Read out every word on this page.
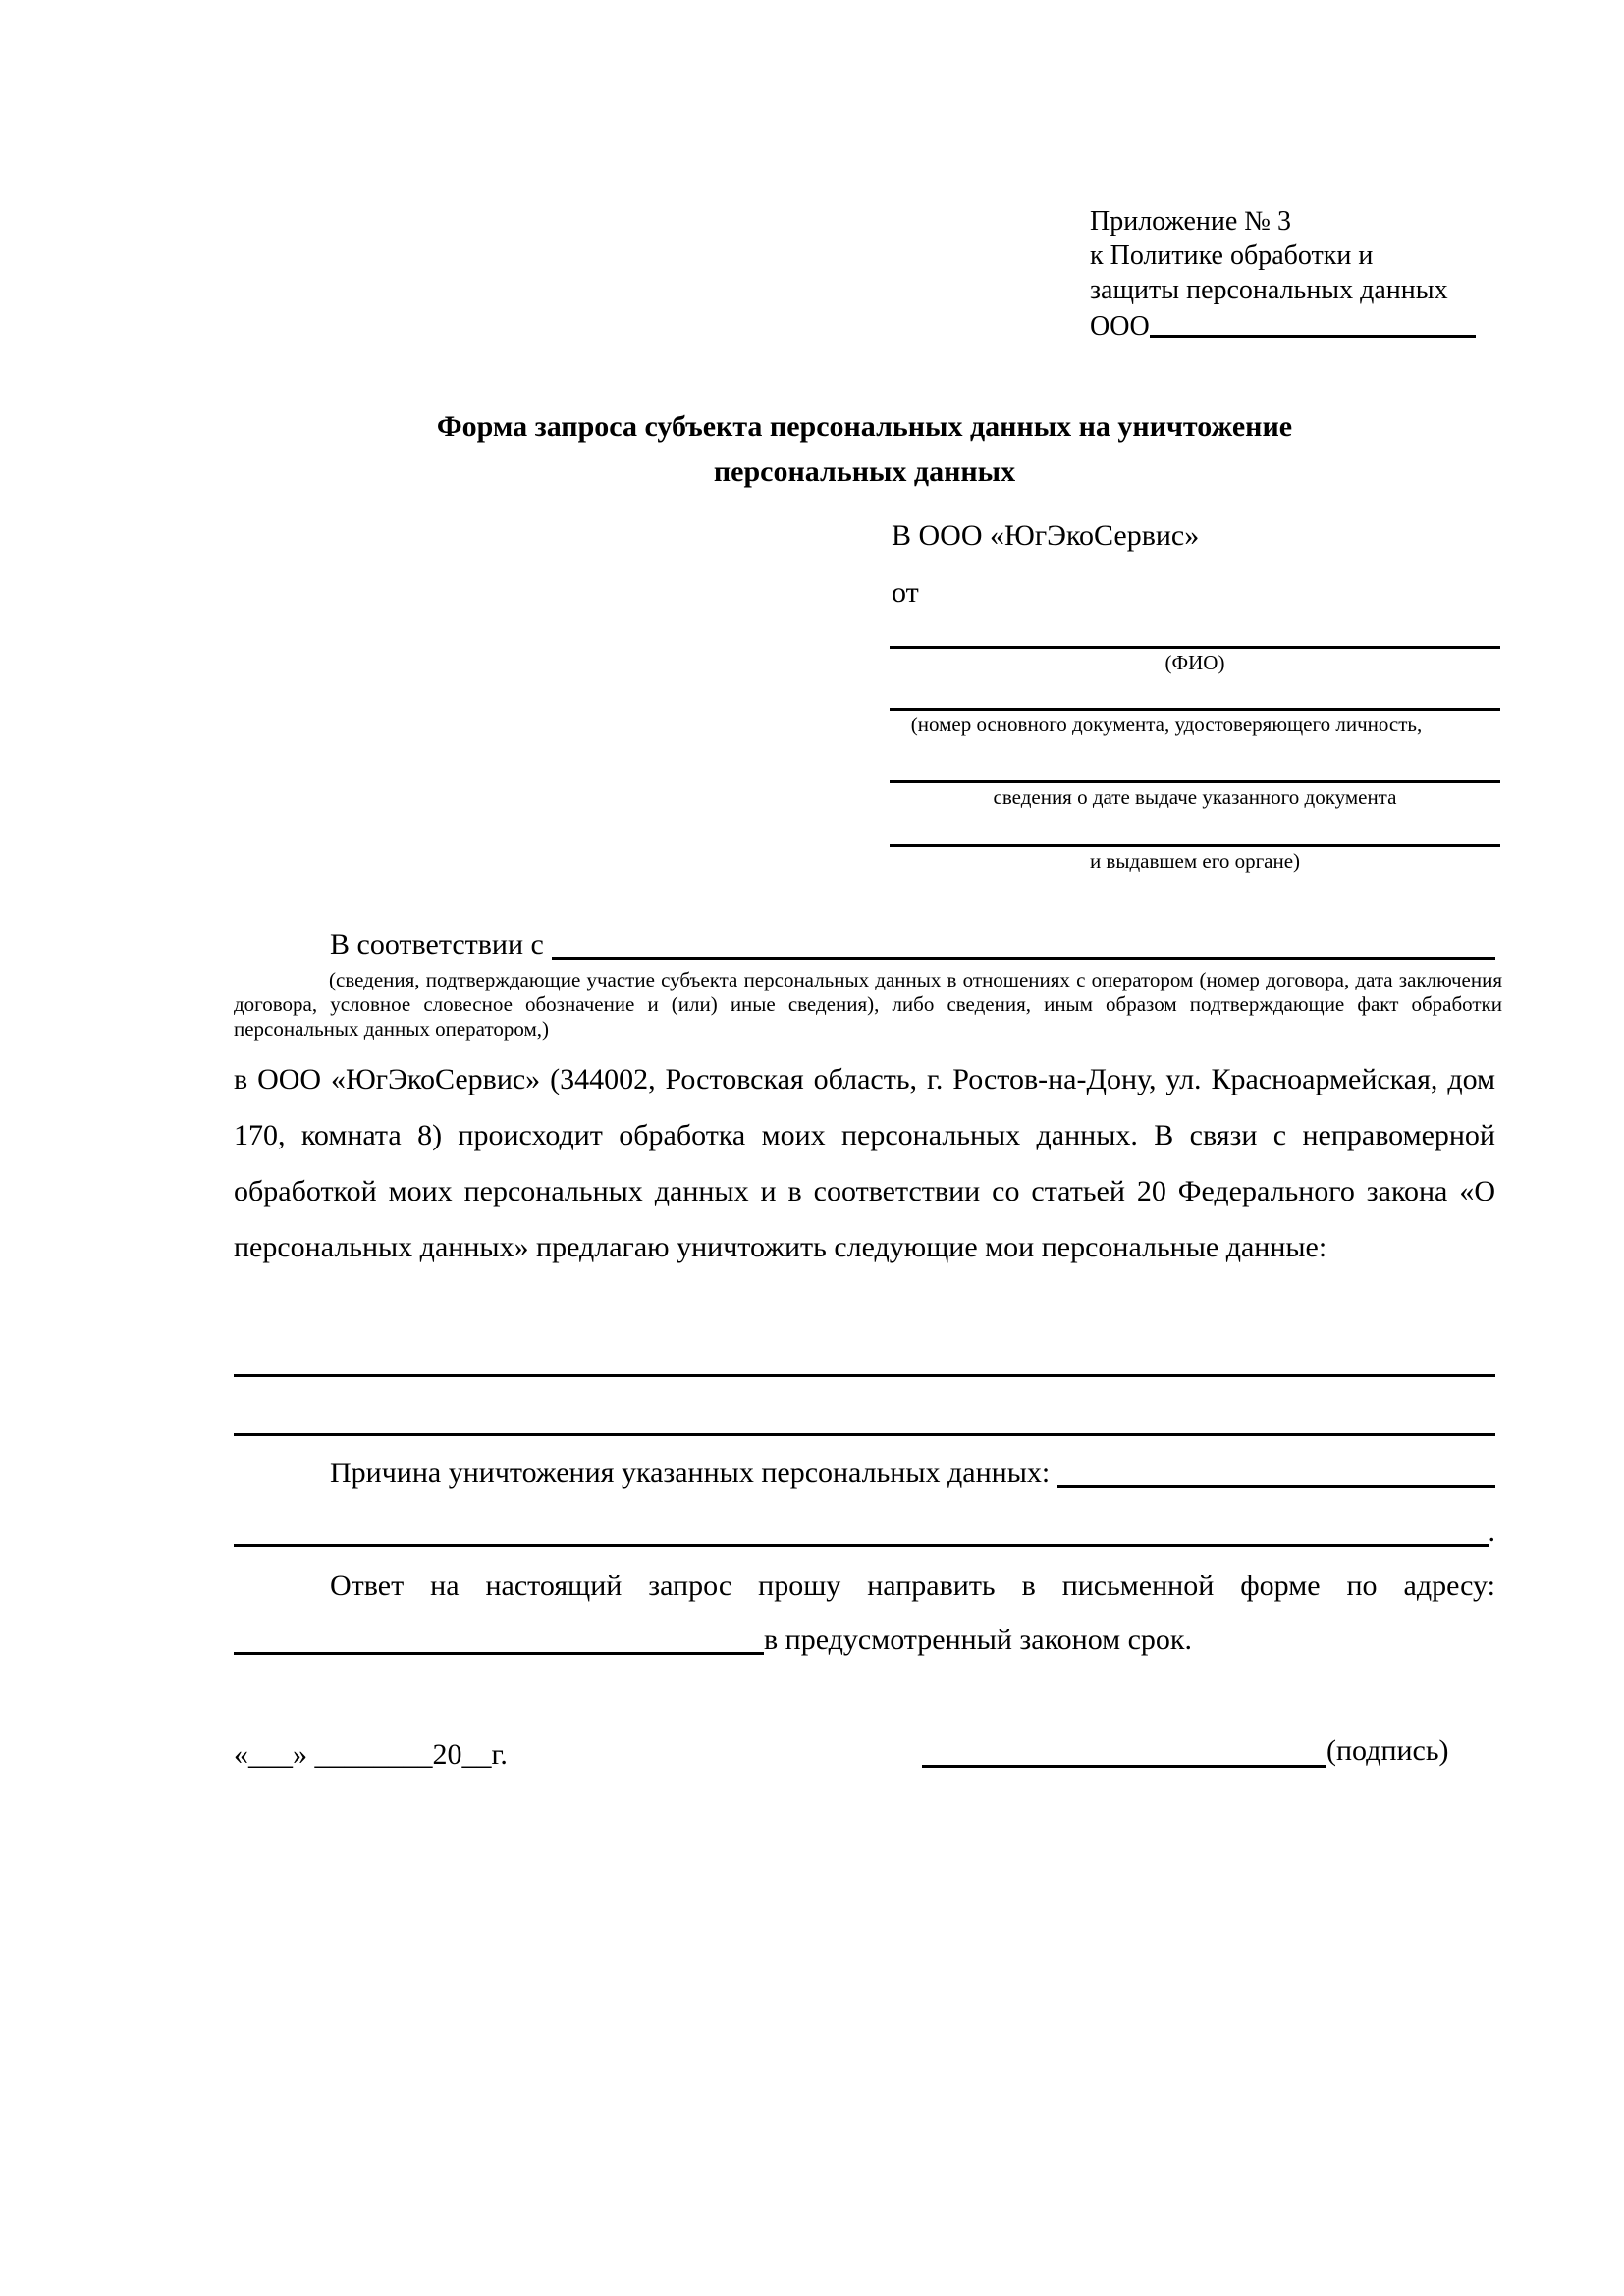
Приложение № 3
к Политике обработки и
защиты персональных данных
ООО
Форма запроса субъекта персональных данных на уничтожение
персональных данных
В ООО «ЮгЭкоСервис»
от
(ФИО)
(номер основного документа, удостоверяющего личность,
сведения о дате выдаче указанного документа
и выдавшем его органе)
В соответствии с
(сведения, подтверждающие участие субъекта персональных данных в отношениях с оператором (номер договора, дата заключения договора, условное словесное обозначение и (или) иные сведения), либо сведения, иным образом подтверждающие факт обработки персональных данных оператором,)
в ООО «ЮгЭкоСервис» (344002, Ростовская область, г. Ростов-на-Дону, ул. Красноармейская, дом 170, комната 8) происходит обработка моих персональных данных. В связи с неправомерной обработкой моих персональных данных и в соответствии со статьей 20 Федерального закона «О персональных данных» предлагаю уничтожить следующие мои персональные данные:
Причина уничтожения указанных персональных данных:
.
Ответ на настоящий запрос прошу направить в письменной форме по адресу:
в предусмотренный законом срок.
«___» ________20__г.	(подпись)
